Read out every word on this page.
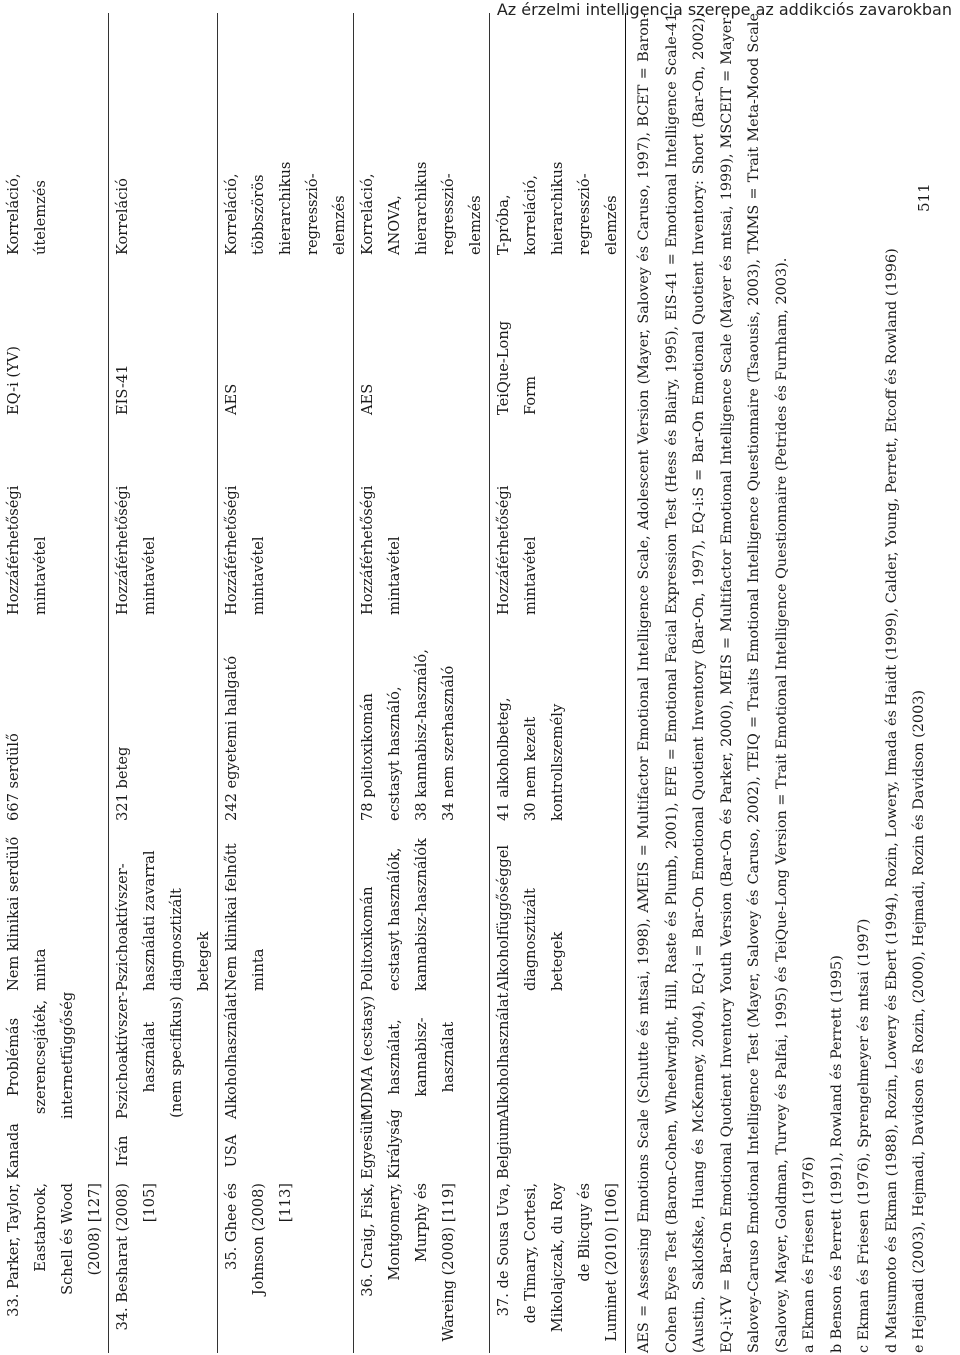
Az érzelmi intelligencia szerepe az addikciós zavarokban
511
33. Parker, Taylor,
Eastabrook,
Schell és Wood
(2008) [127]	Kanada	Problémás
szerencsejáték,
internetfüggőség	Nem klinikai serdülő
minta	667 serdülő	Hozzáférhetőségi
mintavétel	EQ-i (YV)	Korreláció,
útelemzés
34. Besharat (2008)
[105]	Irán	Pszichoaktívszer-
használat
(nem specifikus)	Pszichoaktívszer-
használati zavarral
diagnosztizált betegek	321 beteg	Hozzáférhetőségi
mintavétel	EIS-41	Korreláció
35. Ghee és
Johnson (2008)
[113]	USA	Alkoholhasználat	Nem klinikai felnőtt
minta	242 egyetemi hallgató	Hozzáférhetőségi
mintavétel	AES	Korreláció,
többszörös
hierarchikus
regresszió-
elemzés
36. Craig, Fisk,
Montgomery,
Murphy és
Wareing (2008) [119]	Egyesült
Királyság	MDMA (ecstasy)
használat,
kannabisz-
használat	Politoxikomán
ecstasyt használók,
kannabisz-használók	78 politoxikomán
ecstasyt használó,
38 kannabisz-használó,
34 nem szerhasználó	Hozzáférhetőségi
mintavétel	AES	Korreláció,
ANOVA,
hierarchikus
regresszió-
elemzés
37. de Sousa Uva,
de Timary, Cortesi,
Mikolajczak, du Roy
de Blicquy és
Luminet (2010) [106]	Belgium	Alkoholhasználat	Alkoholfüggőséggel
diagnosztizált betegek	41 alkoholbeteg,
30 nem kezelt
kontrollszemély	Hozzáférhetőségi
mintavétel	TeiQue-Long
Form	T-próba,
korreláció,
hierarchikus
regresszió-
elemzés	AES = Assessing Emotions Scale (Schutte és mtsai, 1998), AMEIS = Multifactor Emotional Intelligence Scale, Adolescent Version (Mayer, Salovey és Caruso, 1997), BCET = Baron-Cohen Eyes Test (Baron-Cohen, Wheelwright, Hill, Raste és Plumb, 2001), EFE = Emotional Facial Expression Test (Hess és Blairy, 1995), EIS-41 = Emotional Intelligence Scale-41 (Austin, Saklofske, Huang és McKenney, 2004), EQ-i = Bar-On Emotional Quotient Inventory (Bar-On, 1997), EQ-i:S = Bar-On Emotional Quotient Inventory: Short (Bar-On, 2002), EQ-i:YV = Bar-On Emotional Quotient Inventory Youth Version (Bar-On és Parker, 2000), MEIS = Multifactor Emotional Intelligence Scale (Mayer és mtsai, 1999), MSCEIT = Mayer-Salovey-Caruso Emotional Intelligence Test (Mayer, Salovey és Caruso, 2002), TEIQ = Traits Emotional Intelligence Questionnaire (Tsaousis, 2003), TMMS = Trait Meta-Mood Scale (Salovey, Mayer, Goldman, Turvey és Palfai, 1995) és TeiQue-Long Version = Trait Emotional Intelligence Questionnaire (Petrides és Furnham, 2003). a Ekman és Friesen (1976) b Benson és Perrett (1991), Rowland és Perrett (1995) c Ekman és Friesen (1976), Sprengelmeyer és mtsai (1997) d Matsumoto és Ekman (1988), Rozin, Lowery és Ebert (1994), Rozin, Lowery, Imada és Haidt (1999), Calder, Young, Perrett, Etcoff és Rowland (1996) e Hejmadi (2003), Hejmadi, Davidson és Rozin, (2000), Hejmadi, Rozin és Davidson (2003)
